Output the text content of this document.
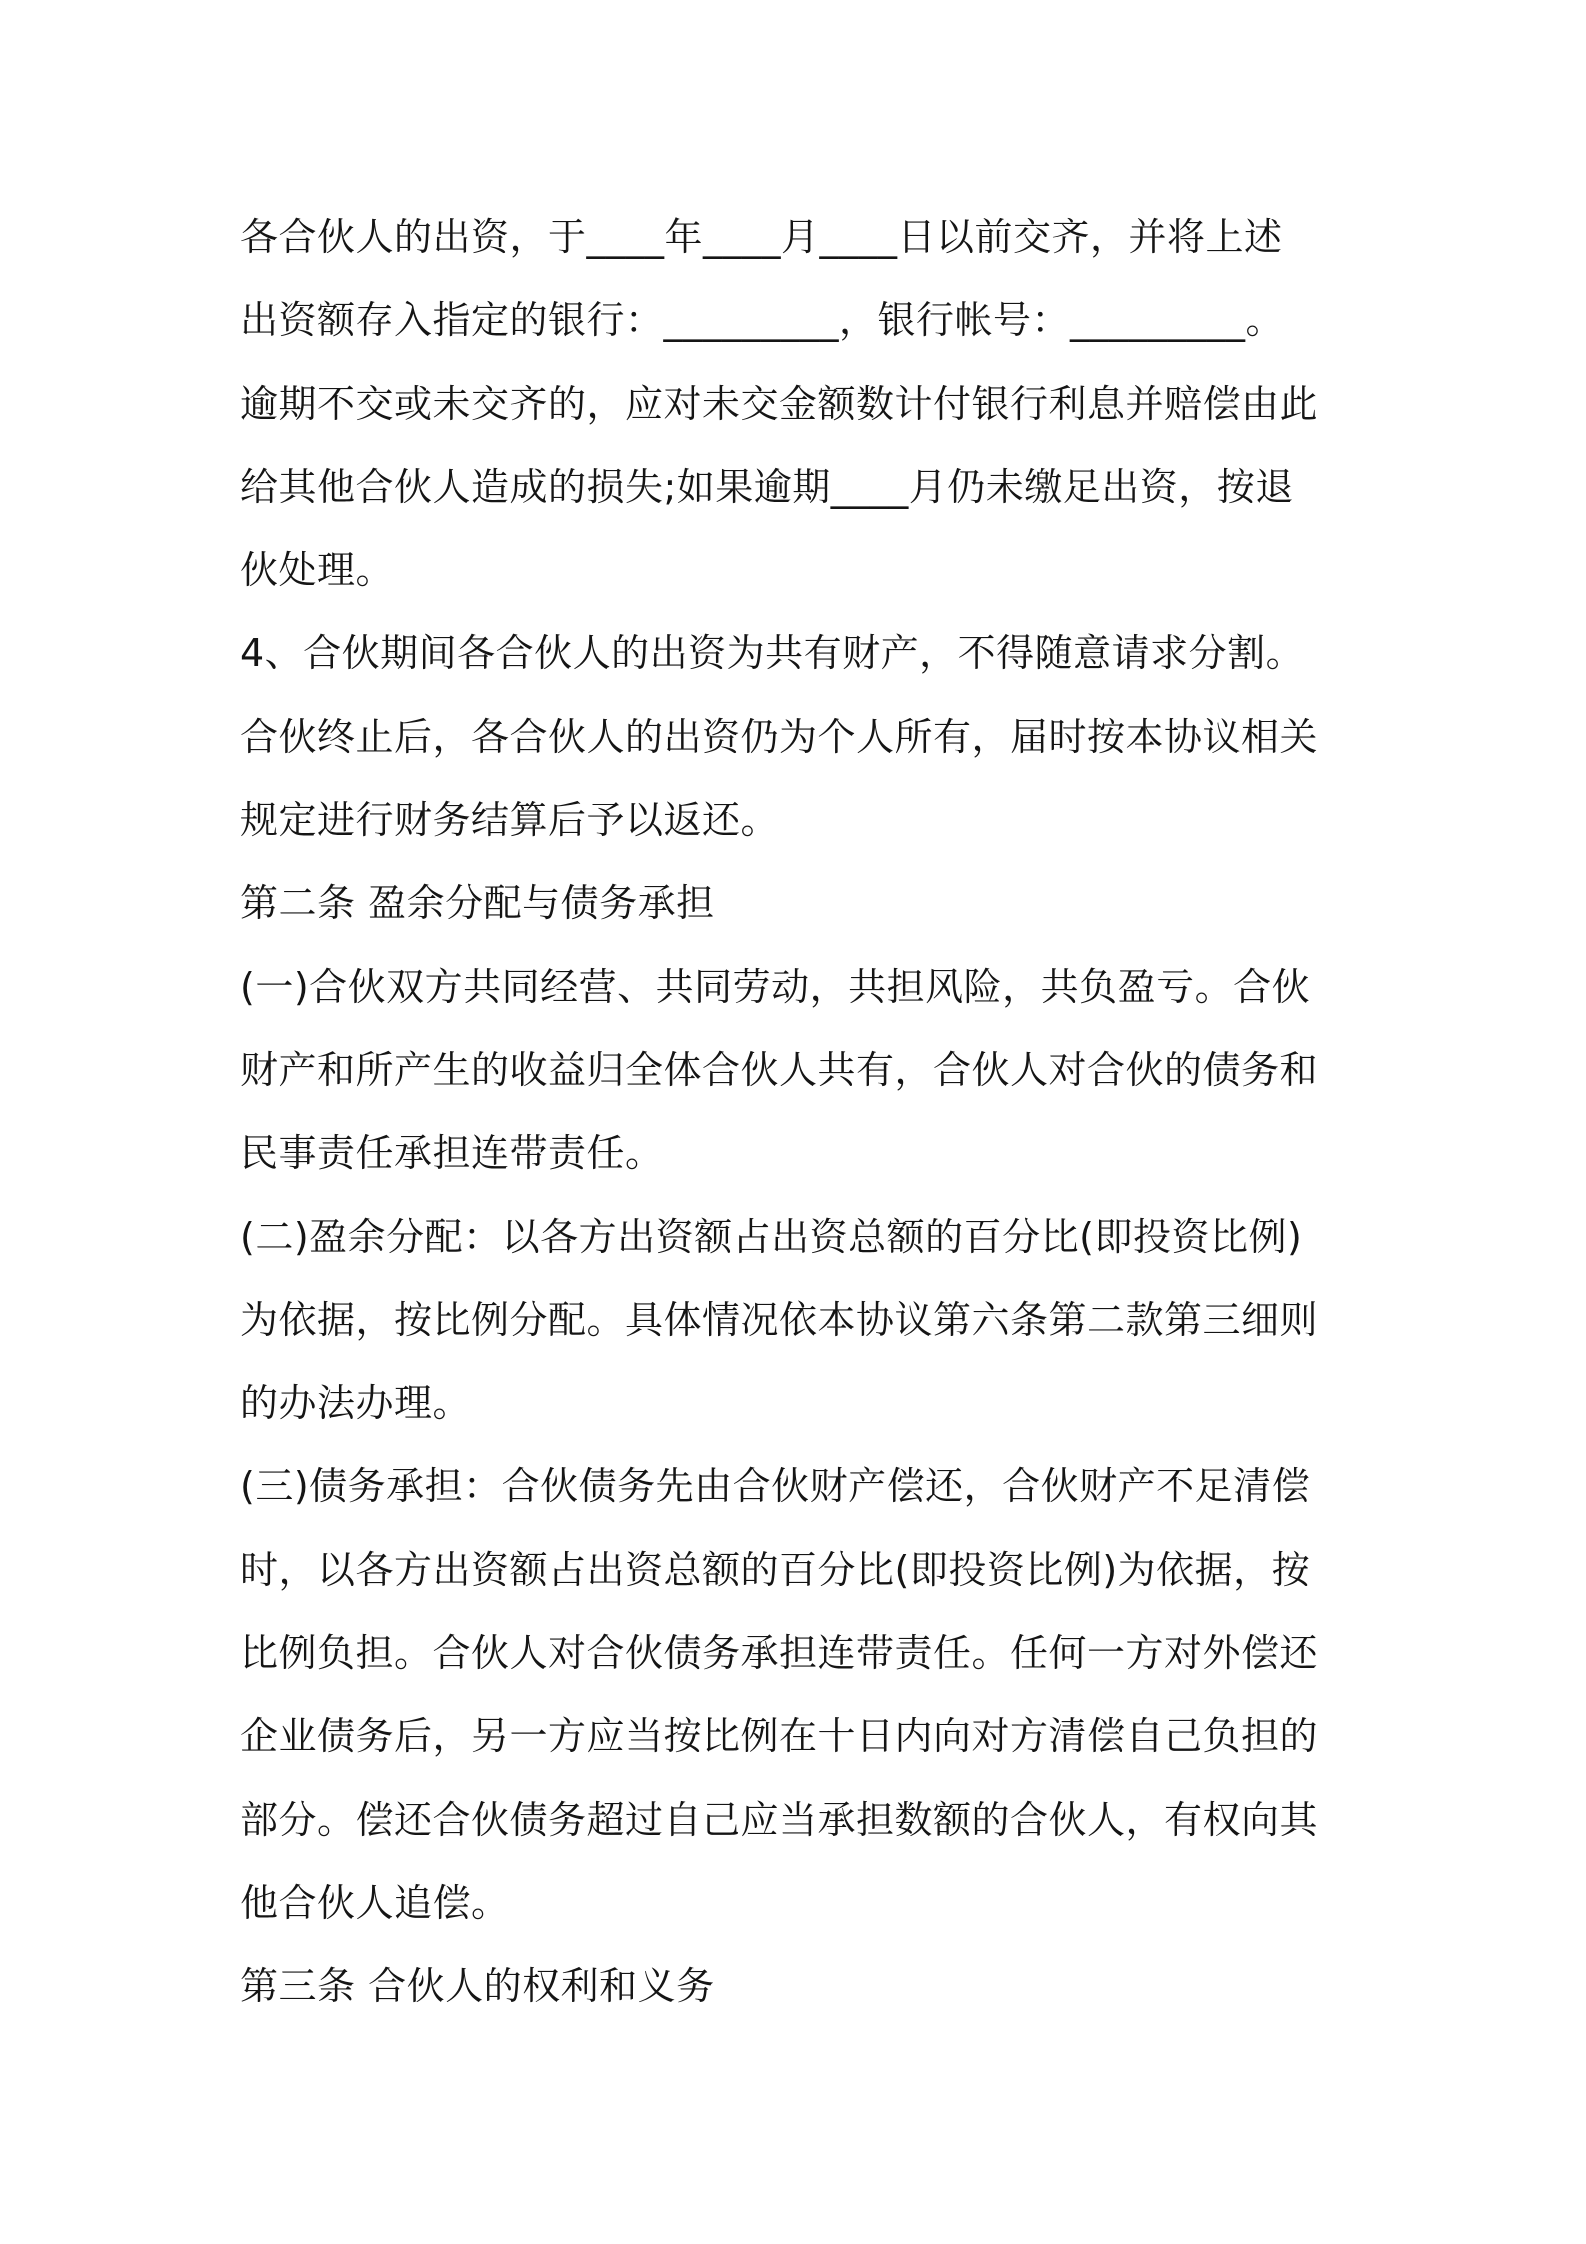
各合伙人的出资，于____年____月____日以前交齐，并将上述
出资额存入指定的银行：_________，银行帐号：_________。
逾期不交或未交齐的，应对未交金额数计付银行利息并赔偿由此
给其他合伙人造成的损失;如果逾期____月仍未缴足出资，按退
伙处理。
4、合伙期间各合伙人的出资为共有财产，不得随意请求分割。
合伙终止后，各合伙人的出资仍为个人所有，届时按本协议相关
规定进行财务结算后予以返还。
第二条 盈余分配与债务承担
(一)合伙双方共同经营、共同劳动，共担风险，共负盈亏。合伙
财产和所产生的收益归全体合伙人共有，合伙人对合伙的债务和
民事责任承担连带责任。
(二)盈余分配：以各方出资额占出资总额的百分比(即投资比例)
为依据，按比例分配。具体情况依本协议第六条第二款第三细则
的办法办理。
(三)债务承担：合伙债务先由合伙财产偿还，合伙财产不足清偿
时，以各方出资额占出资总额的百分比(即投资比例)为依据，按
比例负担。合伙人对合伙债务承担连带责任。任何一方对外偿还
企业债务后，另一方应当按比例在十日内向对方清偿自己负担的
部分。偿还合伙债务超过自己应当承担数额的合伙人，有权向其
他合伙人追偿。
第三条 合伙人的权利和义务
